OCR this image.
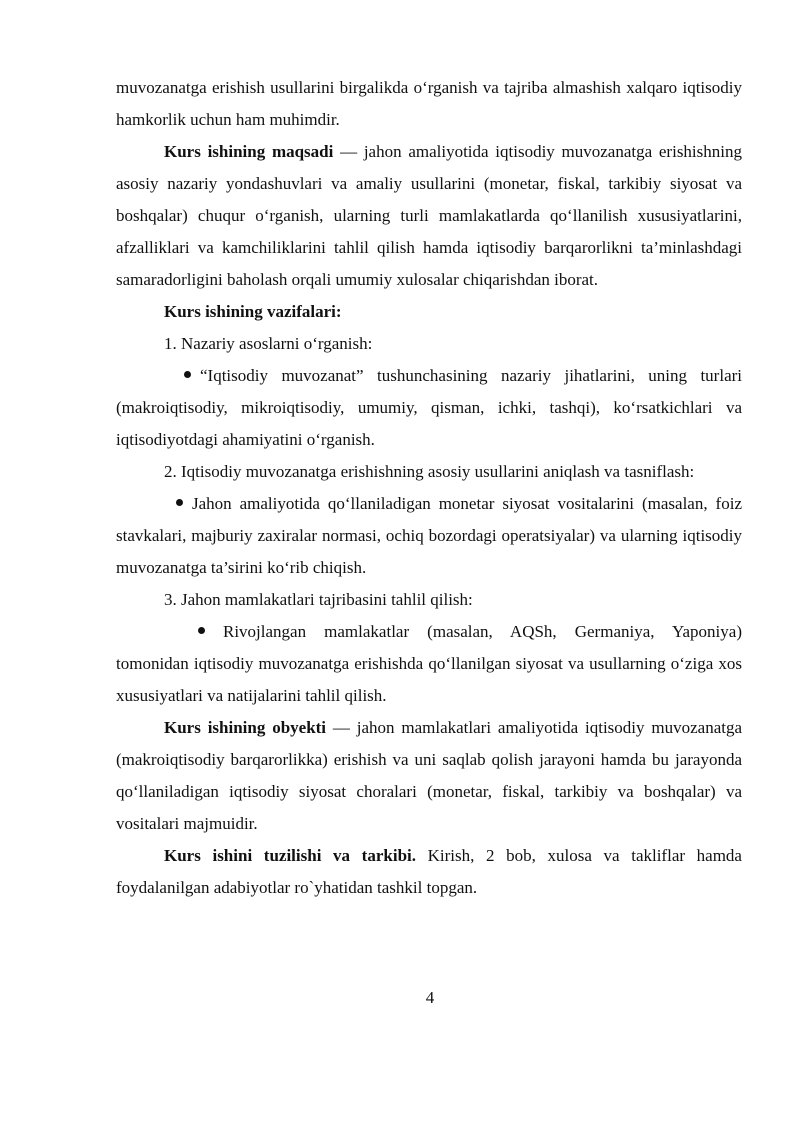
muvozanatga erishish usullarini birgalikda o‘rganish va tajriba almashish xalqaro iqtisodiy hamkorlik uchun ham muhimdir.

Kurs ishining maqsadi — jahon amaliyotida iqtisodiy muvozanatga erishishning asosiy nazariy yondashuvlari va amaliy usullarini (monetar, fiskal, tarkibiy siyosat va boshqalar) chuqur o‘rganish, ularning turli mamlakatlarda qo‘llanilish xususiyatlarini, afzalliklari va kamchiliklarini tahlil qilish hamda iqtisodiy barqarorlikni ta’minlashdagi samaradorligini baholash orqali umumiy xulosalar chiqarishdan iborat.

Kurs ishining vazifalari:

1. Nazariy asoslarni o‘rganish:

“Iqtisodiy muvozanat” tushunchasining nazariy jihatlarini, uning turlari (makroiqtisodiy, mikroiqtisodiy, umumiy, qisman, ichki, tashqi), ko‘rsatkichlari va iqtisodiyotdagi ahamiyatini o‘rganish.

2. Iqtisodiy muvozanatga erishishning asosiy usullarini aniqlash va tasniflash:

Jahon amaliyotida qo‘llaniladigan monetar siyosat vositalarini (masalan, foiz stavkalari, majburiy zaxiralar normasi, ochiq bozordagi operatsiyalar) va ularning iqtisodiy muvozanatga ta’sirini ko‘rib chiqish.

3. Jahon mamlakatlari tajribasini tahlil qilish:

Rivojlangan mamlakatlar (masalan, AQSh, Germaniya, Yaponiya) tomonidan iqtisodiy muvozanatga erishishda qo‘llanilgan siyosat va usullarning o‘ziga xos xususiyatlari va natijalarini tahlil qilish.

Kurs ishining obyekti — jahon mamlakatlari amaliyotida iqtisodiy muvozanatga (makroiqtisodiy barqarorlikka) erishish va uni saqlab qolish jarayoni hamda bu jarayonda qo‘llaniladigan iqtisodiy siyosat choralari (monetar, fiskal, tarkibiy va boshqalar) va vositalari majmuidir.

Kurs ishini tuzilishi va tarkibi. Kirish, 2 bob, xulosa va takliflar hamda foydalanilgan adabiyotlar ro`yhatidan tashkil topgan.

4
